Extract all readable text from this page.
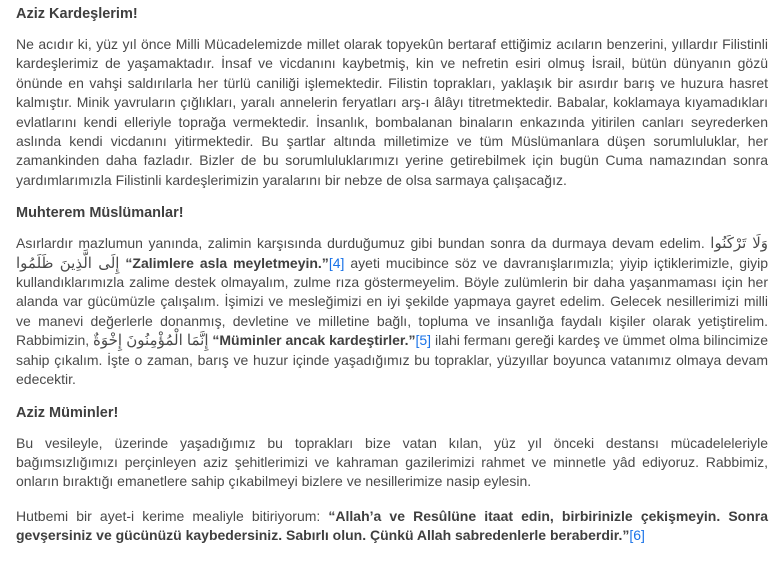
Aziz Kardeşlerim!

Ne acıdır ki, yüz yıl önce Milli Mücadelemizde millet olarak topyekûn bertaraf ettiğimiz acıların benzerini, yıllardır Filistinli kardeşlerimiz de yaşamaktadır. İnsaf ve vicdanını kaybetmiş, kin ve nefretin esiri olmuş İsrail, bütün dünyanın gözü önünde en vahşi saldırılarla her türlü caniliği işlemektedir. Filistin toprakları, yaklaşık bir asırdır barış ve huzura hasret kalmıştır. Minik yavruların çığlıkları, yaralı annelerin feryatları arş-ı âlâyı titretmektedir. Babalar, koklamaya kıyamadıkları evlatlarını kendi elleriyle toprağa vermektedir. İnsanlık, bombalanan binaların enkazında yitirilen canları seyrederken aslında kendi vicdanını yitirmektedir. Bu şartlar altında milletimize ve tüm Müslümanlara düşen sorumluluklar, her zamankinden daha fazladır. Bizler de bu sorumluluklarımızı yerine getirebilmek için bugün Cuma namazından sonra yardımlarımızla Filistinli kardeşlerimizin yaralarını bir nebze de olsa sarmaya çalışacağız.

Muhterem Müslümanlar!

Asırlardır mazlumun yanında, zalimin karşısında durduğumuz gibi bundan sonra da durmaya devam edelim. وَلَا تَرْكَنُوا إِلَى الَّذِينَ ظَلَمُوا “Zalimlere asla meyletmeyin.”[4] ayeti mucibince söz ve davranışlarımızla; yiyip içtiklerimizle, giyip kullandıklarımızla zalime destek olmayalım, zulme rıza göstermeyelim. Böyle zulümlerin bir daha yaşanmaması için her alanda var gücümüzle çalışalım. İşimizi ve mesleğimizi en iyi şekilde yapmaya gayret edelim. Gelecek nesillerimizi milli ve manevi değerlerle donanmış, devletine ve milletine bağlı, topluma ve insanlığa faydalı kişiler olarak yetiştirelim. Rabbimizin, إِنَّمَا الْمُؤْمِنُونَ إِخْوَةٌ “Müminler ancak kardeştirler.”[5] ilahi fermanı gereği kardeş ve ümmet olma bilincimize sahip çıkalım. İşte o zaman, barış ve huzur içinde yaşadığımız bu topraklar, yüzyıllar boyunca vatanımız olmaya devam edecektir.

Aziz Müminler!

Bu vesileyle, üzerinde yaşadığımız bu toprakları bize vatan kılan, yüz yıl önceki destansı mücadeleleriyle bağımsızlığımızı perçinleyen aziz şehitlerimizi ve kahraman gazilerimizi rahmet ve minnetle yâd ediyoruz. Rabbimiz, onların bıraktığı emanetlere sahip çıkabilmeyi bizlere ve nesillerimize nasip eylesin.

Hutbemi bir ayet-i kerime mealiyle bitiriyorum: “Allah’a ve Resûlüne itaat edin, birbirinizle çekişmeyin. Sonra gevşersiniz ve gücünüzü kaybedersiniz. Sabırlı olun. Çünkü Allah sabredenlerle beraberdir.”[6]
